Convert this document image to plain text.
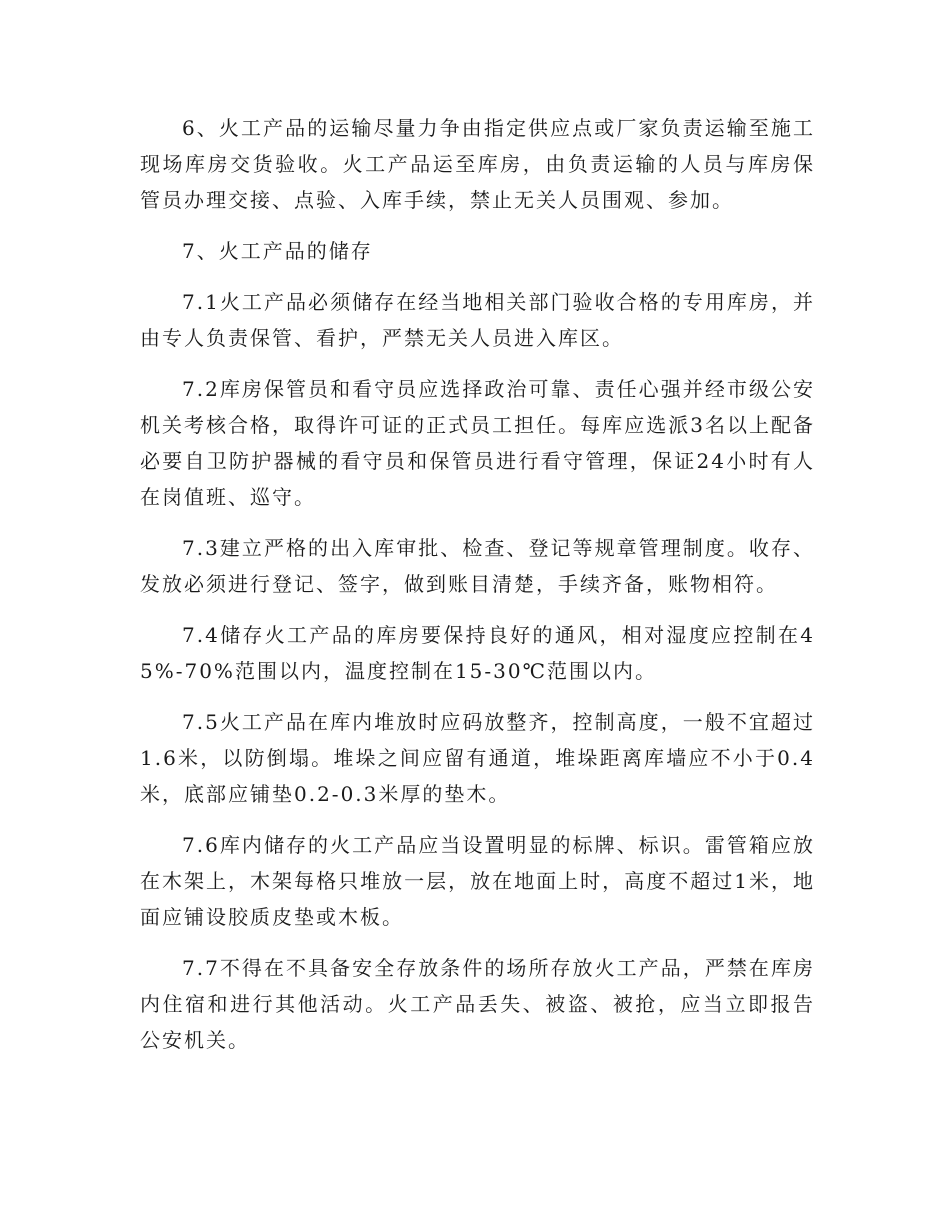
6、火工产品的运输尽量力争由指定供应点或厂家负责运输至施工现场库房交货验收。火工产品运至库房，由负责运输的人员与库房保管员办理交接、点验、入库手续，禁止无关人员围观、参加。

7、火工产品的储存

7.1火工产品必须储存在经当地相关部门验收合格的专用库房，并由专人负责保管、看护，严禁无关人员进入库区。

7.2库房保管员和看守员应选择政治可靠、责任心强并经市级公安机关考核合格，取得许可证的正式员工担任。每库应选派3名以上配备必要自卫防护器械的看守员和保管员进行看守管理，保证24小时有人在岗值班、巡守。

7.3建立严格的出入库审批、检查、登记等规章管理制度。收存、发放必须进行登记、签字，做到账目清楚，手续齐备，账物相符。

7.4储存火工产品的库房要保持良好的通风，相对湿度应控制在45%-70%范围以内，温度控制在15-30℃范围以内。

7.5火工产品在库内堆放时应码放整齐，控制高度，一般不宜超过1.6米，以防倒塌。堆垛之间应留有通道，堆垛距离库墙应不小于0.4米，底部应铺垫0.2-0.3米厚的垫木。

7.6库内储存的火工产品应当设置明显的标牌、标识。雷管箱应放在木架上，木架每格只堆放一层，放在地面上时，高度不超过1米，地面应铺设胶质皮垫或木板。

7.7不得在不具备安全存放条件的场所存放火工产品，严禁在库房内住宿和进行其他活动。火工产品丢失、被盗、被抢，应当立即报告公安机关。
